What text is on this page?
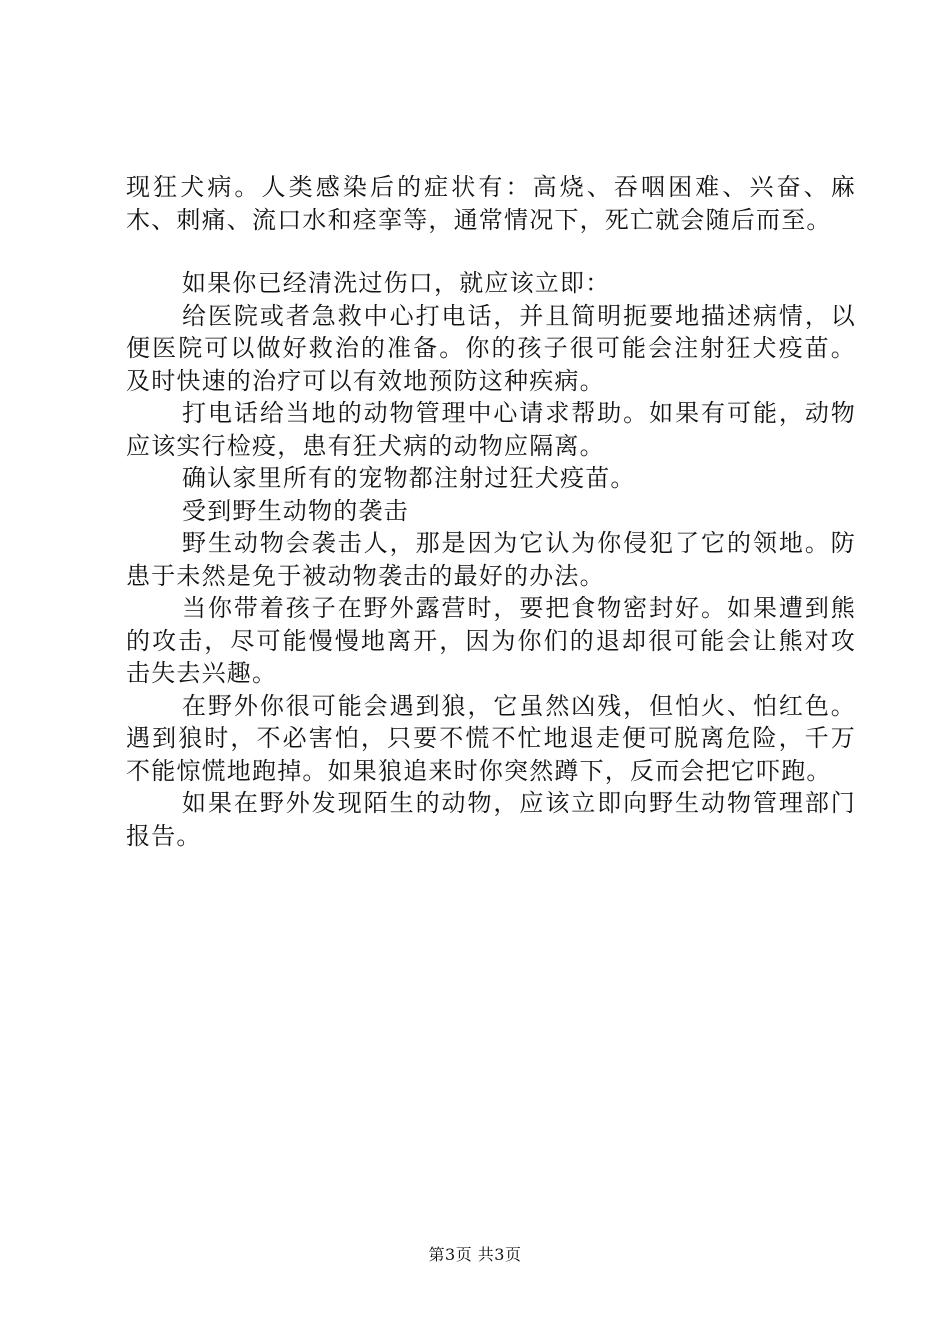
现狂犬病。人类感染后的症状有：高烧、吞咽困难、兴奋、麻木、刺痛、流口水和痉挛等，通常情况下，死亡就会随后而至。

如果你已经清洗过伤口，就应该立即：

给医院或者急救中心打电话，并且简明扼要地描述病情，以便医院可以做好救治的准备。你的孩子很可能会注射狂犬疫苗。及时快速的治疗可以有效地预防这种疾病。

打电话给当地的动物管理中心请求帮助。如果有可能，动物应该实行检疫，患有狂犬病的动物应隔离。

确认家里所有的宠物都注射过狂犬疫苗。

受到野生动物的袭击

野生动物会袭击人，那是因为它认为你侵犯了它的领地。防患于未然是免于被动物袭击的最好的办法。

当你带着孩子在野外露营时，要把食物密封好。如果遭到熊的攻击，尽可能慢慢地离开，因为你们的退却很可能会让熊对攻击失去兴趣。

在野外你很可能会遇到狼，它虽然凶残，但怕火、怕红色。遇到狼时，不必害怕，只要不慌不忙地退走便可脱离危险，千万不能惊慌地跑掉。如果狼追来时你突然蹲下，反而会把它吓跑。

如果在野外发现陌生的动物，应该立即向野生动物管理部门报告。

第3页 共3页
